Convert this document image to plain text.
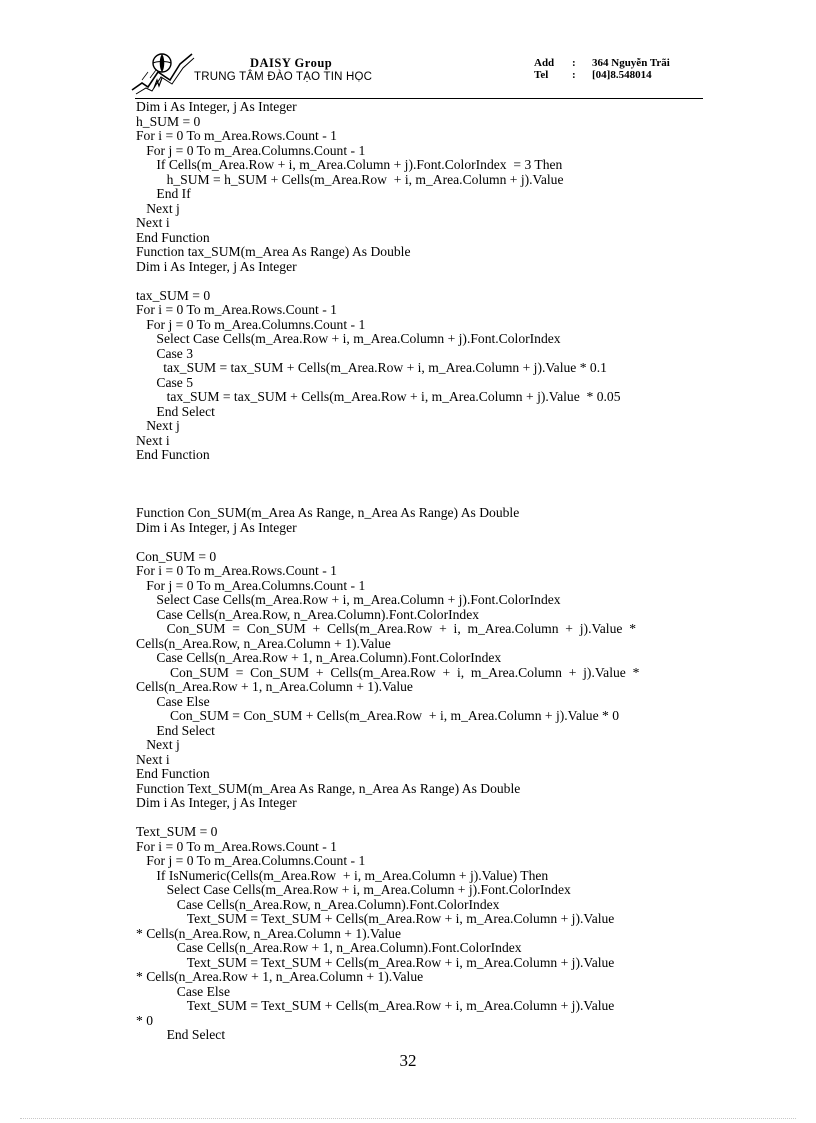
DAISY Group
TRUNG TÂM ĐÀO TẠO TIN HỌC
Add	:	364 Nguyễn Trãi
Tel	:	[04]8.548014
Dim i As Integer, j As Integer
h_SUM = 0
For i = 0 To m_Area.Rows.Count - 1
For j = 0 To m_Area.Columns.Count - 1
If Cells(m_Area.Row + i, m_Area.Column + j).Font.ColorIndex  = 3 Then
h_SUM = h_SUM + Cells(m_Area.Row  + i, m_Area.Column + j).Value
End If
Next j
Next i
End Function
Function tax_SUM(m_Area As Range) As Double
Dim i As Integer, j As Integer
tax_SUM = 0
For i = 0 To m_Area.Rows.Count - 1
For j = 0 To m_Area.Columns.Count - 1
Select Case Cells(m_Area.Row + i, m_Area.Column + j).Font.ColorIndex
Case 3
tax_SUM = tax_SUM + Cells(m_Area.Row + i, m_Area.Column + j).Value * 0.1
Case 5
tax_SUM = tax_SUM + Cells(m_Area.Row + i, m_Area.Column + j).Value  * 0.05
End Select
Next j
Next i
End Function
Function Con_SUM(m_Area As Range, n_Area As Range) As Double
Dim i As Integer, j As Integer
Con_SUM = 0
For i = 0 To m_Area.Rows.Count - 1
For j = 0 To m_Area.Columns.Count - 1
Select Case Cells(m_Area.Row + i, m_Area.Column + j).Font.ColorIndex
Case Cells(n_Area.Row, n_Area.Column).Font.ColorIndex
Con_SUM  =  Con_SUM  +  Cells(m_Area.Row  +  i,  m_Area.Column  +  j).Value  *
Cells(n_Area.Row, n_Area.Column + 1).Value
Case Cells(n_Area.Row + 1, n_Area.Column).Font.ColorIndex
Con_SUM  =  Con_SUM  +  Cells(m_Area.Row  +  i,  m_Area.Column  +  j).Value  *
Cells(n_Area.Row + 1, n_Area.Column + 1).Value
Case Else
Con_SUM = Con_SUM + Cells(m_Area.Row  + i, m_Area.Column + j).Value * 0
End Select
Next j
Next i
End Function
Function Text_SUM(m_Area As Range, n_Area As Range) As Double
Dim i As Integer, j As Integer
Text_SUM = 0
For i = 0 To m_Area.Rows.Count - 1
For j = 0 To m_Area.Columns.Count - 1
If IsNumeric(Cells(m_Area.Row  + i, m_Area.Column + j).Value) Then
Select Case Cells(m_Area.Row + i, m_Area.Column + j).Font.ColorIndex
Case Cells(n_Area.Row, n_Area.Column).Font.ColorIndex
Text_SUM = Text_SUM + Cells(m_Area.Row + i, m_Area.Column + j).Value
* Cells(n_Area.Row, n_Area.Column + 1).Value
Case Cells(n_Area.Row + 1, n_Area.Column).Font.ColorIndex
Text_SUM = Text_SUM + Cells(m_Area.Row + i, m_Area.Column + j).Value
* Cells(n_Area.Row + 1, n_Area.Column + 1).Value
Case Else
Text_SUM = Text_SUM + Cells(m_Area.Row + i, m_Area.Column + j).Value
* 0
End Select
32
